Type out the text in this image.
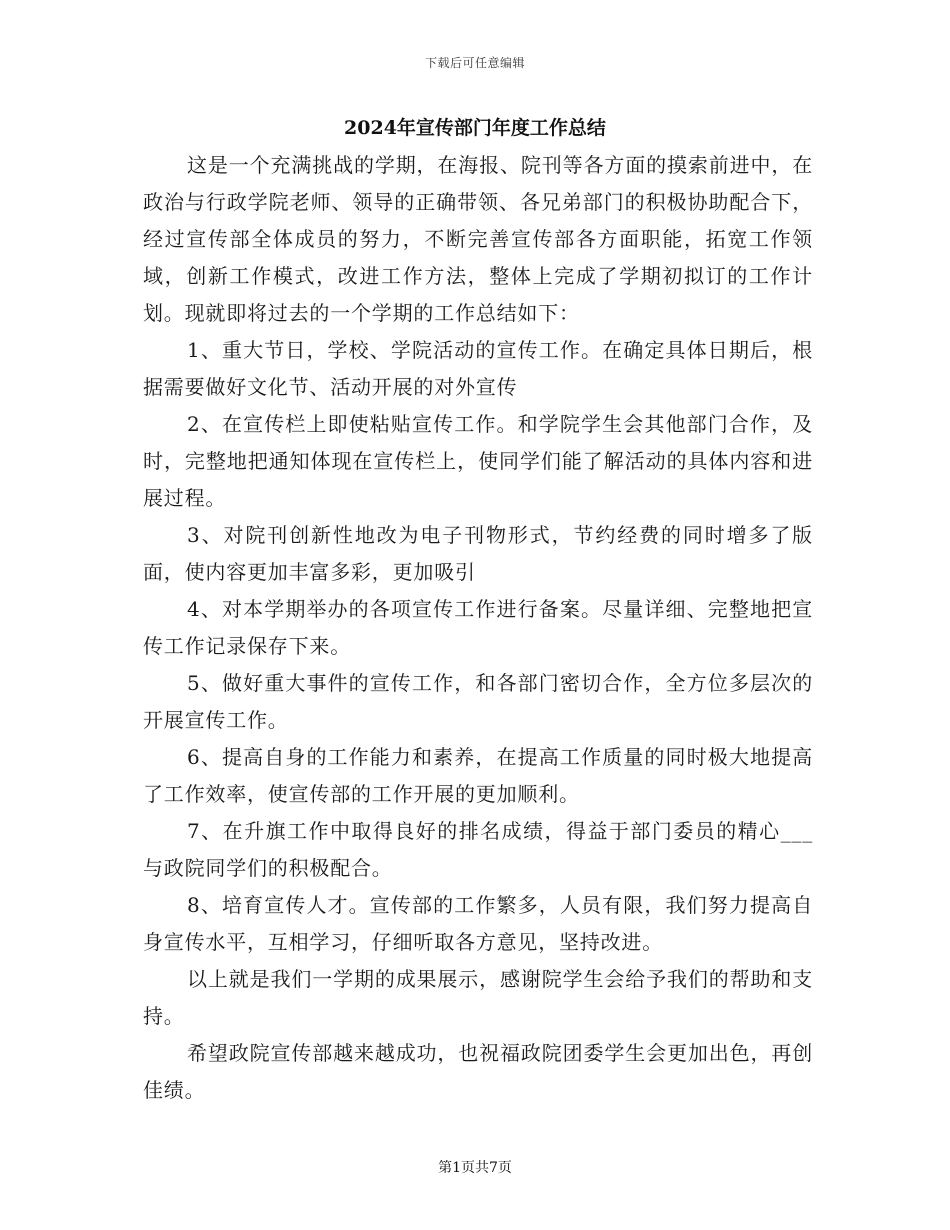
下载后可任意编辑
2024年宣传部门年度工作总结

这是一个充满挑战的学期，在海报、院刊等各方面的摸索前进中，在政治与行政学院老师、领导的正确带领、各兄弟部门的积极协助配合下，经过宣传部全体成员的努力，不断完善宣传部各方面职能，拓宽工作领域，创新工作模式，改进工作方法，整体上完成了学期初拟订的工作计划。现就即将过去的一个学期的工作总结如下：

1、重大节日，学校、学院活动的宣传工作。在确定具体日期后，根据需要做好文化节、活动开展的对外宣传

2、在宣传栏上即使粘贴宣传工作。和学院学生会其他部门合作，及时，完整地把通知体现在宣传栏上，使同学们能了解活动的具体内容和进展过程。

3、对院刊创新性地改为电子刊物形式，节约经费的同时增多了版面，使内容更加丰富多彩，更加吸引

4、对本学期举办的各项宣传工作进行备案。尽量详细、完整地把宣传工作记录保存下来。

5、做好重大事件的宣传工作，和各部门密切合作，全方位多层次的开展宣传工作。

6、提高自身的工作能力和素养，在提高工作质量的同时极大地提高了工作效率，使宣传部的工作开展的更加顺利。

7、在升旗工作中取得良好的排名成绩，得益于部门委员的精心___与政院同学们的积极配合。

8、培育宣传人才。宣传部的工作繁多，人员有限，我们努力提高自身宣传水平，互相学习，仔细听取各方意见，坚持改进。

以上就是我们一学期的成果展示，感谢院学生会给予我们的帮助和支持。

希望政院宣传部越来越成功，也祝福政院团委学生会更加出色，再创佳绩。

第1页共7页
